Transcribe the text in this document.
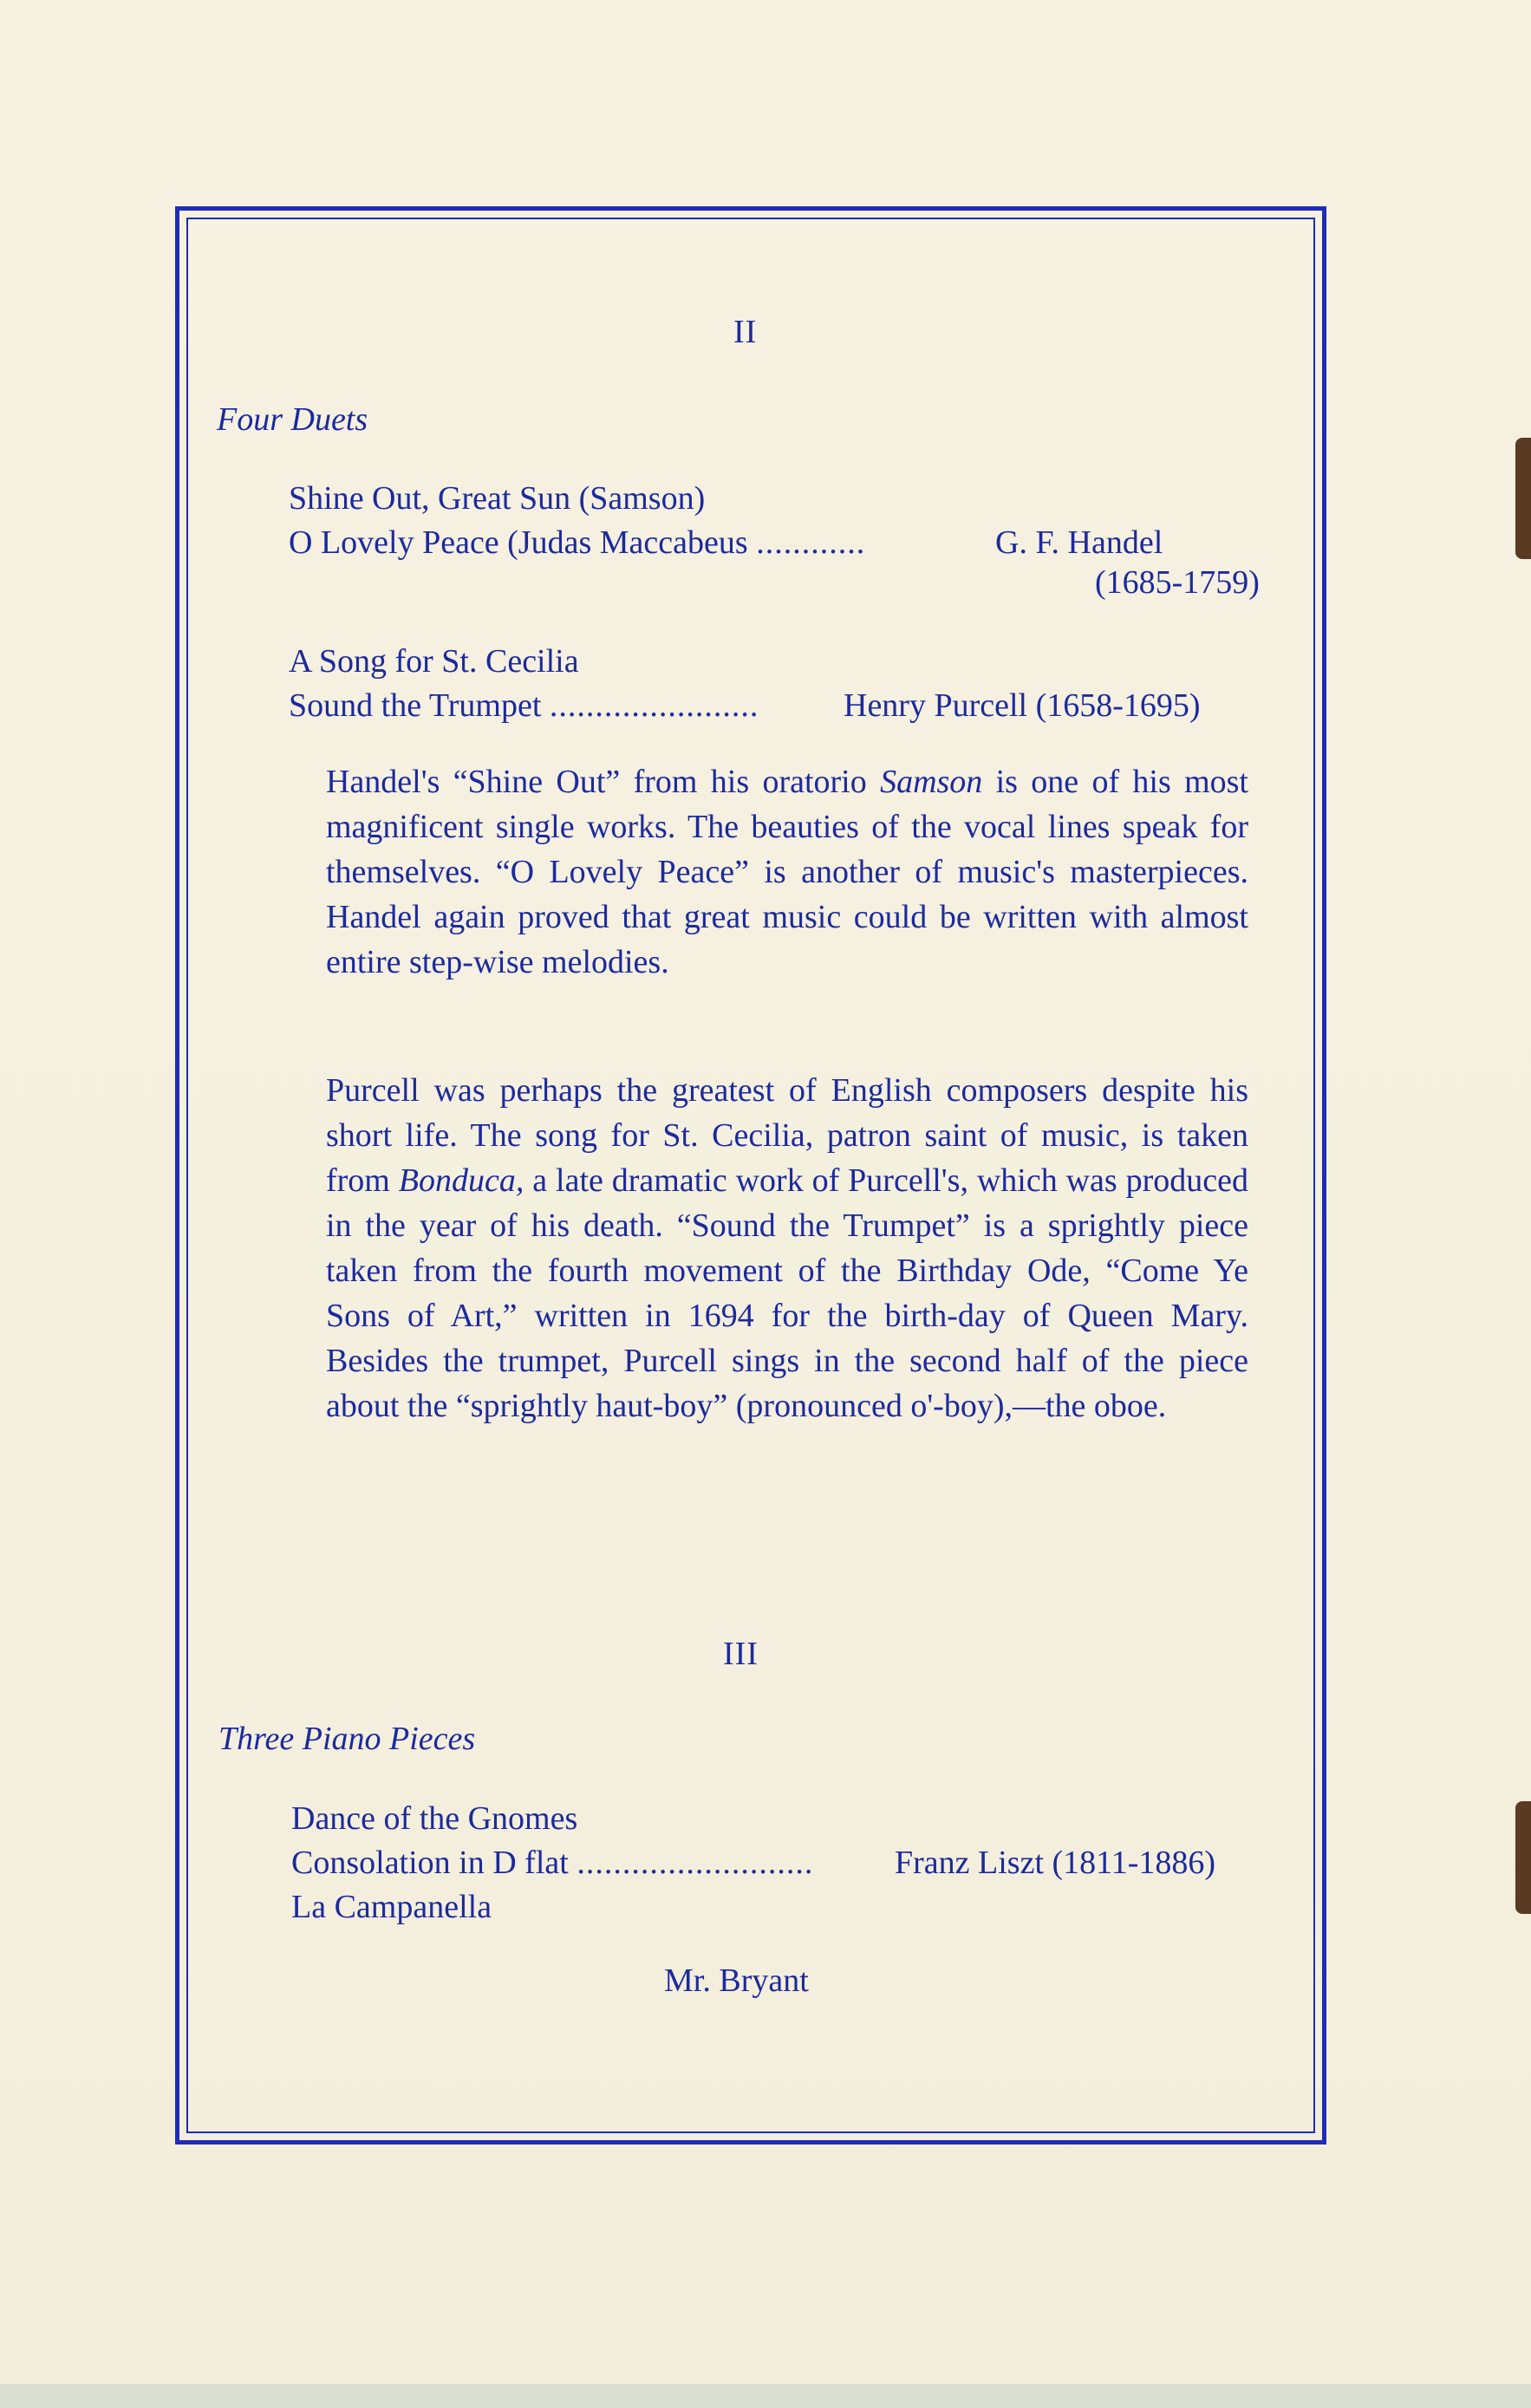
II

Four Duets

Shine Out, Great Sun (Samson)

O Lovely Peace (Judas Maccabeus ............	G. F. Handel

(1685-1759)

A Song for St. Cecilia

Sound the Trumpet .......................	Henry Purcell (1658-1695)

Handel's “Shine Out” from his oratorio Samson is one of his most magnificent single works. The beauties of the vocal lines speak for themselves. “O Lovely Peace” is another of music's masterpieces. Handel again proved that great music could be written with almost entire step-wise melodies.

Purcell was perhaps the greatest of English composers despite his short life. The song for St. Cecilia, patron saint of music, is taken from Bonduca, a late dramatic work of Purcell's, which was produced in the year of his death. “Sound the Trumpet” is a sprightly piece taken from the fourth movement of the Birthday Ode, “Come Ye Sons of Art,” written in 1694 for the birth-day of Queen Mary. Besides the trumpet, Purcell sings in the second half of the piece about the “sprightly haut-boy” (pronounced o'-boy),—the oboe.

III

Three Piano Pieces

Dance of the Gnomes

Consolation in D flat .......................... Franz Liszt (1811-1886)

La Campanella

Mr. Bryant
